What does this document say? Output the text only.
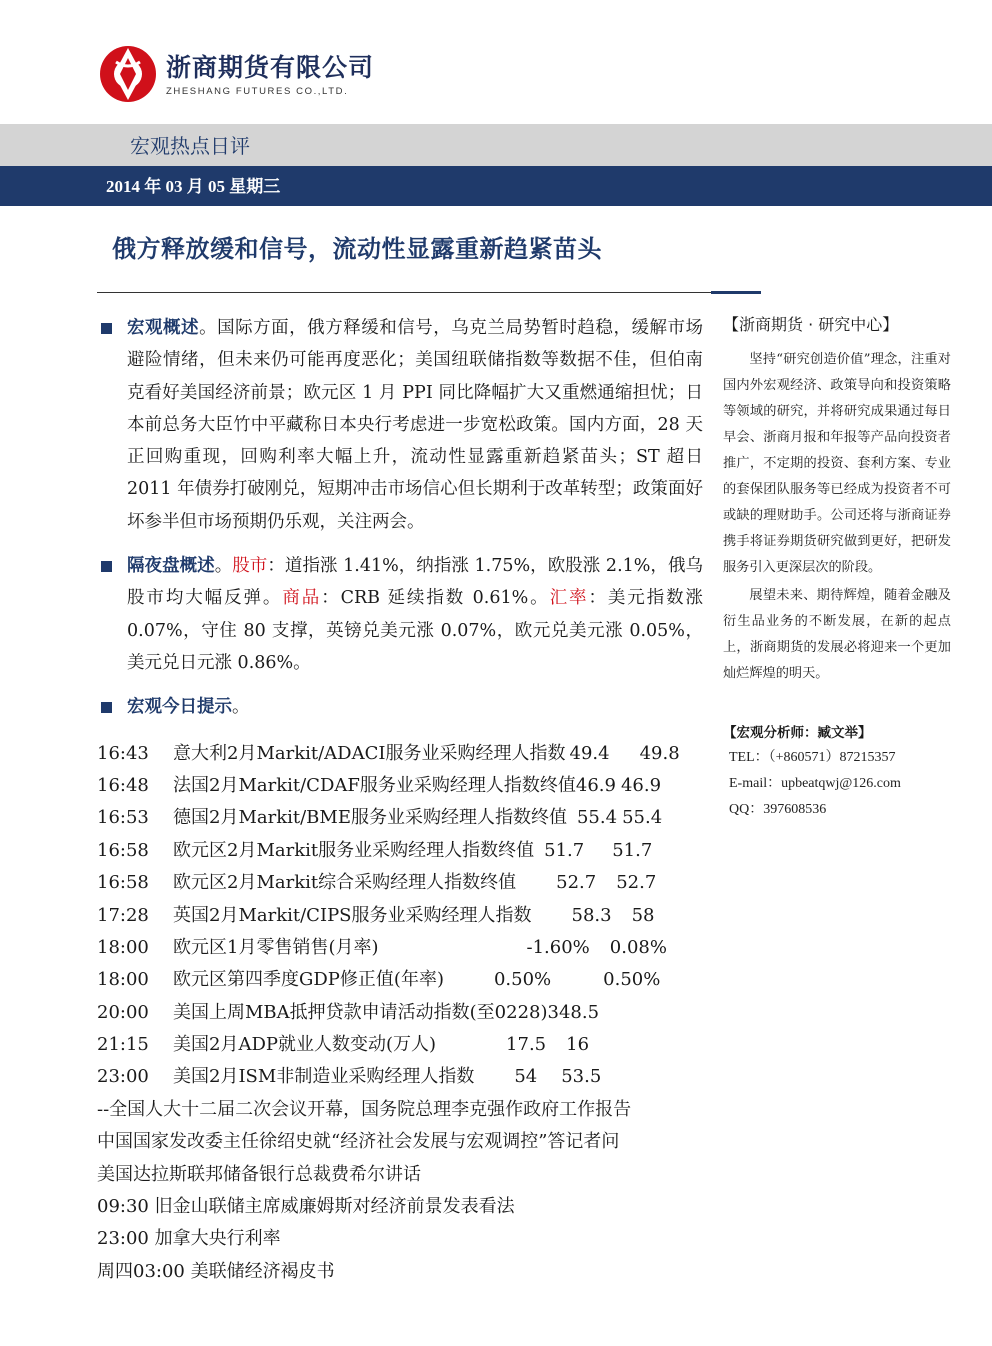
浙商期货有限公司
ZHESHANG FUTURES CO.,LTD.
宏观热点日评
2014 年 03 月 05 星期三
俄方释放缓和信号，流动性显露重新趋紧苗头
宏观概述。国际方面，俄方释缓和信号，乌克兰局势暂时趋稳，缓解市场避险情绪，但未来仍可能再度恶化；美国纽联储指数等数据不佳，但伯南克看好美国经济前景；欧元区 1 月 PPI 同比降幅扩大又重燃通缩担忧；日本前总务大臣竹中平藏称日本央行考虑进一步宽松政策。国内方面，28 天正回购重现，回购利率大幅上升，流动性显露重新趋紧苗头；ST 超日 2011 年债券打破刚兑，短期冲击市场信心但长期利于改革转型；政策面好坏参半但市场预期仍乐观，关注两会。
隔夜盘概述。股市：道指涨 1.41%，纳指涨 1.75%，欧股涨 2.1%，俄乌股市均大幅反弹。商品：CRB 延续指数 0.61%。汇率：美元指数涨 0.07%，守住 80 支撑，英镑兑美元涨 0.07%，欧元兑美元涨 0.05%，美元兑日元涨 0.86%。
宏观今日提示。
16:43	意大利2月Markit/ADACI服务业采购经理人指数 49.4 49.8
16:48	法国2月Markit/CDAF服务业采购经理人指数终值 46.9 46.9
16:53	德国2月Markit/BME服务业采购经理人指数终值 55.4 55.4
16:58	欧元区2月Markit服务业采购经理人指数终值 51.7 51.7
16:58	欧元区2月Markit综合采购经理人指数终值 52.7 52.7
17:28	英国2月Markit/CIPS服务业采购经理人指数 58.3 58
18:00	欧元区1月零售销售(月率)	-1.60% 0.08%
18:00	欧元区第四季度GDP修正值(年率)	0.50%	0.50%
20:00	美国上周MBA抵押贷款申请活动指数(至0228) 348.5
21:15	美国2月ADP就业人数变动(万人)	17.5 16
23:00	美国2月ISM非制造业采购经理人指数 54 53.5
--全国人大十二届二次会议开幕，国务院总理李克强作政府工作报告
中国国家发改委主任徐绍史就“经济社会发展与宏观调控”答记者问
美国达拉斯联邦储备银行总裁费希尔讲话
09:30 旧金山联储主席威廉姆斯对经济前景发表看法
23:00 加拿大央行利率
周四03:00 美联储经济褐皮书
【浙商期货 · 研究中心】

坚持“研究创造价值”理念，注重对国内外宏观经济、政策导向和投资策略等领域的研究，并将研究成果通过每日早会、浙商月报和年报等产品向投资者推广，不定期的投资、套利方案、专业的套保团队服务等已经成为投资者不可或缺的理财助手。公司还将与浙商证券携手将证券期货研究做到更好，把研发服务引入更深层次的阶段。

展望未来、期待辉煌，随着金融及衍生品业务的不断发展，在新的起点上，浙商期货的发展必将迎来一个更加灿烂辉煌的明天。

【宏观分析师：臧文举】
TEL：（+860571）87215357
E-mail：upbeatqwj@126.com
QQ：397608536
